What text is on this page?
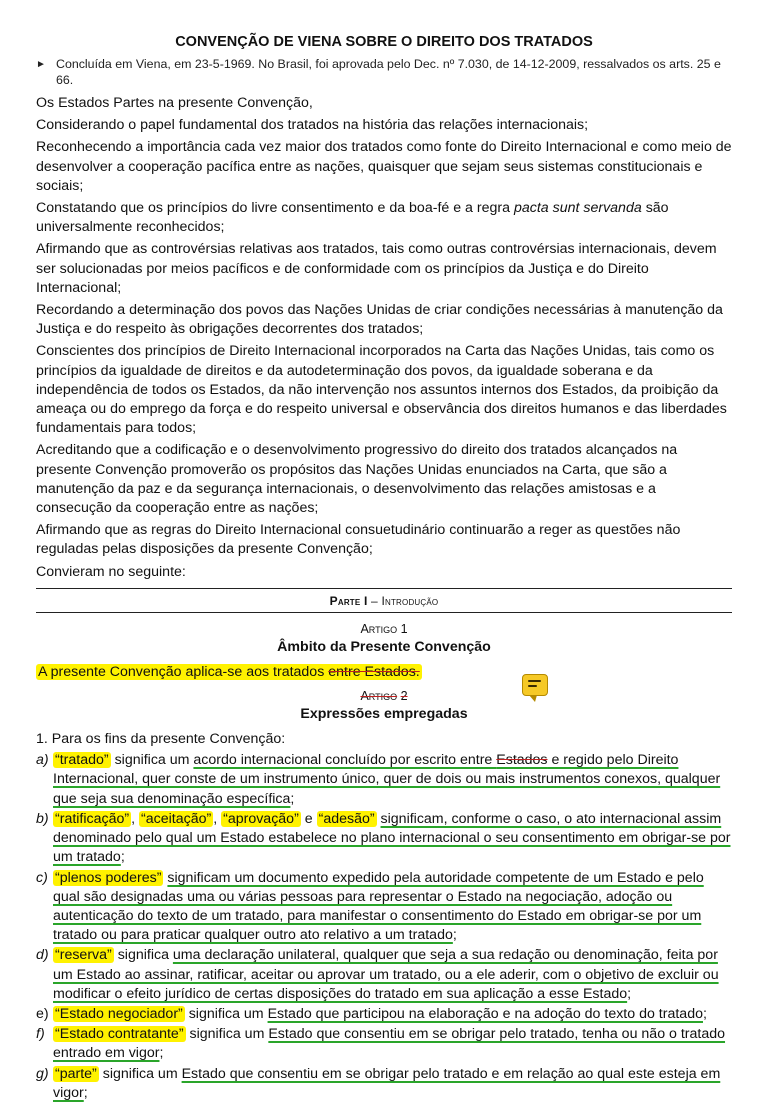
CONVENÇÃO DE VIENA SOBRE O DIREITO DOS TRATADOS
► Concluída em Viena, em 23-5-1969. No Brasil, foi aprovada pelo Dec. nº 7.030, de 14-12-2009, ressalvados os arts. 25 e 66.

Os Estados Partes na presente Convenção,

Considerando o papel fundamental dos tratados na história das relações internacionais;

Reconhecendo a importância cada vez maior dos tratados como fonte do Direito Internacional e como meio de desenvolver a cooperação pacífica entre as nações, quaisquer que sejam seus sistemas constitucionais e sociais;

Constatando que os princípios do livre consentimento e da boa-fé e a regra pacta sunt servanda são universalmente reconhecidos;

Afirmando que as controvérsias relativas aos tratados, tais como outras controvérsias internacionais, devem ser solucionadas por meios pacíficos e de conformidade com os princípios da Justiça e do Direito Internacional;

Recordando a determinação dos povos das Nações Unidas de criar condições necessárias à manutenção da Justiça e do respeito às obrigações decorrentes dos tratados;

Conscientes dos princípios de Direito Internacional incorporados na Carta das Nações Unidas, tais como os princípios da igualdade de direitos e da autodeterminação dos povos, da igualdade soberana e da independência de todos os Estados, da não intervenção nos assuntos internos dos Estados, da proibição da ameaça ou do emprego da força e do respeito universal e observância dos direitos humanos e das liberdades fundamentais para todos;

Acreditando que a codificação e o desenvolvimento progressivo do direito dos tratados alcançados na presente Convenção promoverão os propósitos das Nações Unidas enunciados na Carta, que são a manutenção da paz e da segurança internacionais, o desenvolvimento das relações amistosas e a consecução da cooperação entre as nações;

Afirmando que as regras do Direito Internacional consuetudinário continuarão a reger as questões não reguladas pelas disposições da presente Convenção;

Convieram no seguinte:

Parte I – Introdução
Artigo 1
Âmbito da Presente Convenção

A presente Convenção aplica-se aos tratados entre Estados.

Artigo 2
Expressões empregadas

1. Para os fins da presente Convenção:

a) “tratado” significa um acordo internacional concluído por escrito entre Estados e regido pelo Direito Internacional, quer conste de um instrumento único, quer de dois ou mais instrumentos conexos, qualquer que seja sua denominação específica;
b) “ratificação” , “aceitação” , “aprovação” e “adesão” significam, conforme o caso, o ato internacional assim denominado pelo qual um Estado estabelece no plano internacional o seu consentimento em obrigar-se por um tratado;
c) “plenos poderes” significam um documento expedido pela autoridade competente de um Estado e pelo qual são designadas uma ou várias pessoas para representar o Estado na negociação, adoção ou autenticação do texto de um tratado, para manifestar o consentimento do Estado em obrigar-se por um tratado ou para praticar qualquer outro ato relativo a um tratado;
d) “reserva” significa uma declaração unilateral, qualquer que seja a sua redação ou denominação, feita por um Estado ao assinar, ratificar, aceitar ou aprovar um tratado, ou a ele aderir, com o objetivo de excluir ou modificar o efeito jurídico de certas disposições do tratado em sua aplicação a esse Estado;
e) “Estado negociador” significa um Estado que participou na elaboração e na adoção do texto do tratado;
f) “Estado contratante” significa um Estado que consentiu em se obrigar pelo tratado, tenha ou não o tratado entrado em vigor;
g) “parte” significa um Estado que consentiu em se obrigar pelo tratado e em relação ao qual este esteja em vigor;
